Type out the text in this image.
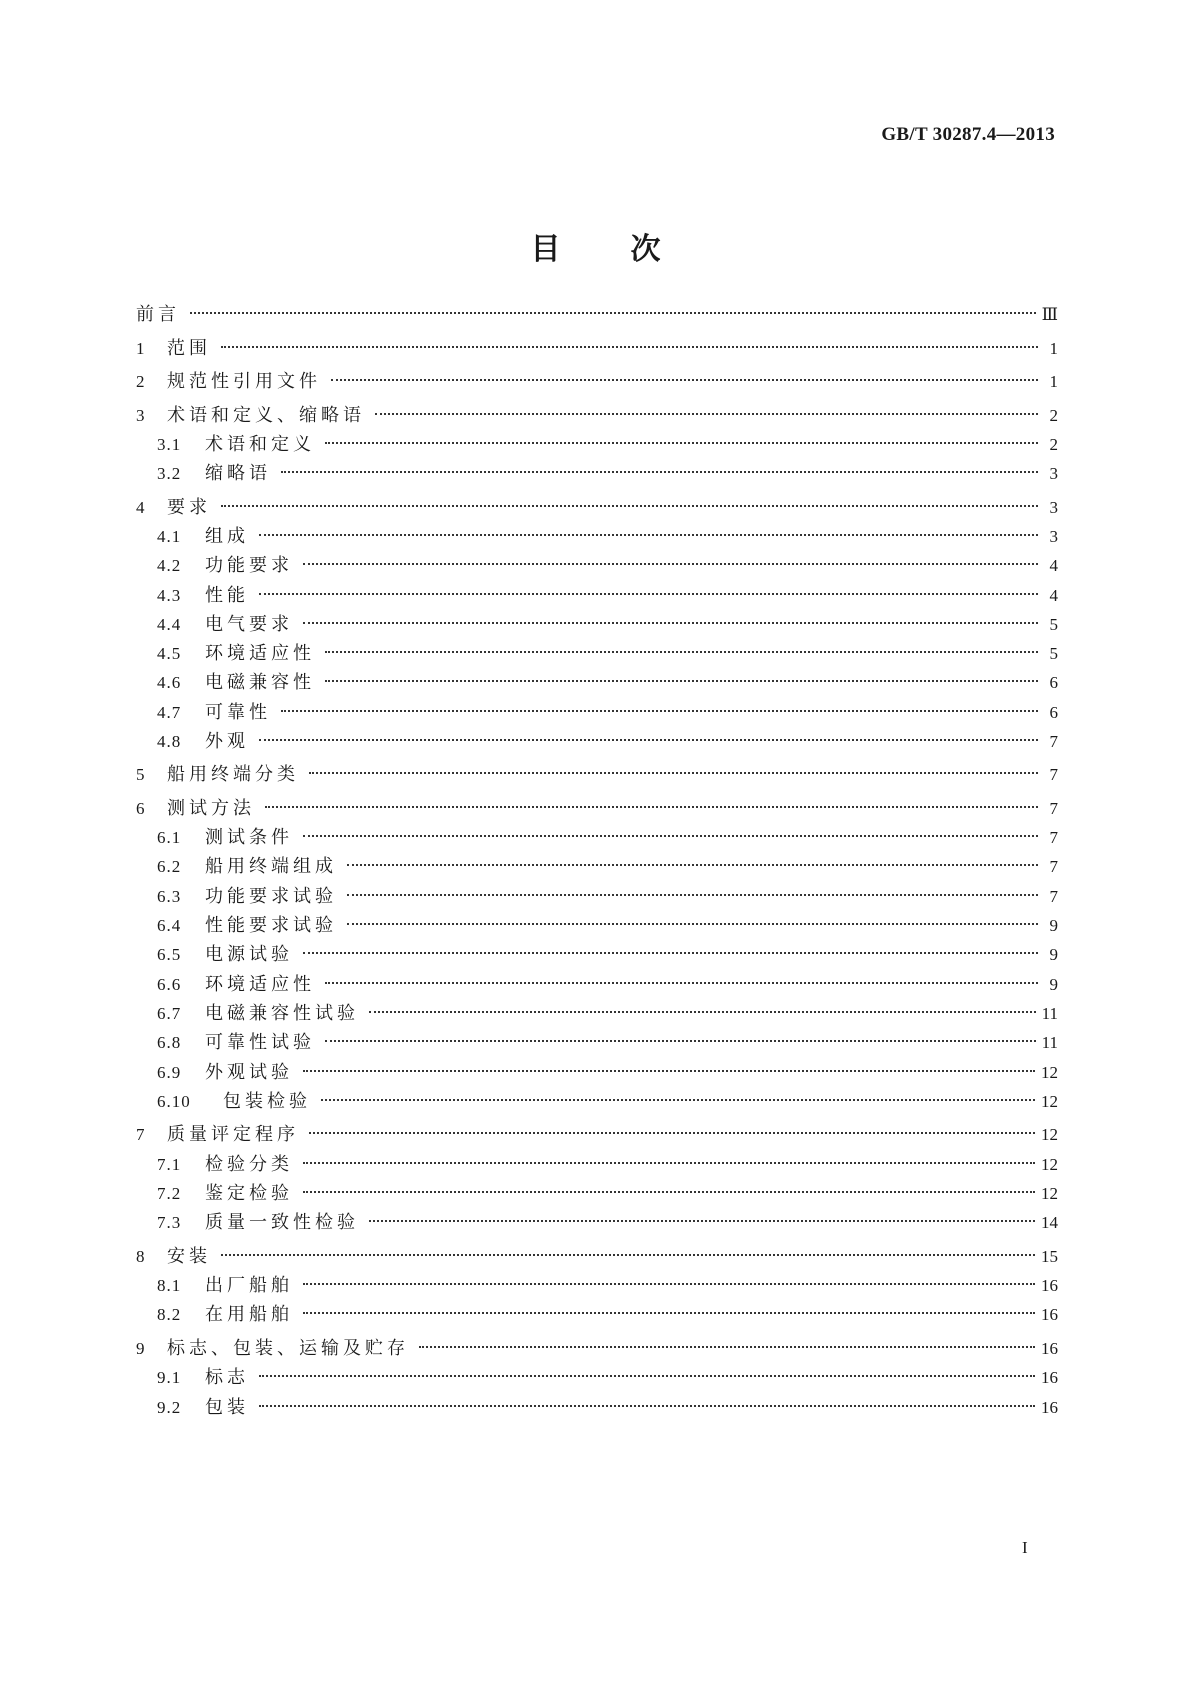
GB/T 30287.4—2013
目 次
前言	Ⅲ
1	范围	1
2	规范性引用文件	1
3	术语和定义、缩略语	2
3.1	术语和定义	2
3.2	缩略语	3
4	要求	3
4.1	组成	3
4.2	功能要求	4
4.3	性能	4
4.4	电气要求	5
4.5	环境适应性	5
4.6	电磁兼容性	6
4.7	可靠性	6
4.8	外观	7
5	船用终端分类	7
6	测试方法	7
6.1	测试条件	7
6.2	船用终端组成	7
6.3	功能要求试验	7
6.4	性能要求试验	9
6.5	电源试验	9
6.6	环境适应性	9
6.7	电磁兼容性试验	11
6.8	可靠性试验	11
6.9	外观试验	12
6.10	包装检验	12
7	质量评定程序	12
7.1	检验分类	12
7.2	鉴定检验	12
7.3	质量一致性检验	14
8	安装	15
8.1	出厂船舶	16
8.2	在用船舶	16
9	标志、包装、运输及贮存	16
9.1	标志	16
9.2	包装	16
I
